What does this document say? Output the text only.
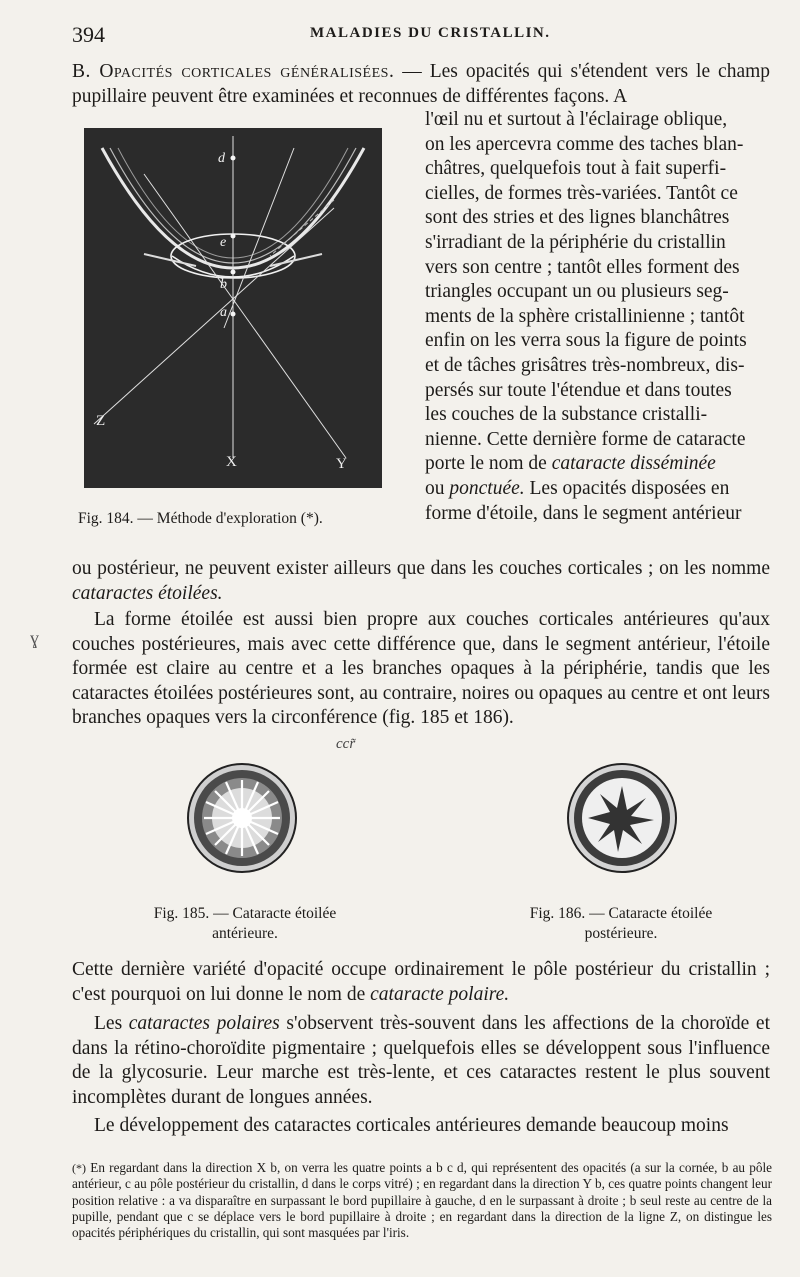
394	MALADIES DU CRISTALLIN.
B. Opacités corticales généralisées. — Les opacités qui s'étendent vers le champ pupillaire peuvent être examinées et reconnues de différentes façons. A
d
e
b
a
Z
X	Y
Fig. 184. — Méthode d'exploration (*).
l'œil nu et surtout à l'éclairage oblique,
on les apercevra comme des taches blan-
châtres, quelquefois tout à fait superfi-
cielles, de formes très-variées. Tantôt ce
sont des stries et des lignes blanchâtres
s'irradiant de la périphérie du cristallin
vers son centre ; tantôt elles forment des
triangles occupant un ou plusieurs seg-
ments de la sphère cristallinienne ; tantôt
enfin on les verra sous la figure de points
et de tâches grisâtres très-nombreux, dis-
persés sur toute l'étendue et dans toutes
les couches de la substance cristalli-
nienne. Cette dernière forme de cataracte
porte le nom de cataracte disséminée
ou ponctuée. Les opacités disposées en
forme d'étoile, dans le segment antérieur
ou postérieur, ne peuvent exister ailleurs que dans les couches corticales ; on les nomme cataractes étoilées.
ɣ
La forme étoilée est aussi bien propre aux couches corticales antérieures qu'aux couches postérieures, mais avec cette différence que, dans le segment antérieur, l'étoile formée est claire au centre et a les branches opaques à la périphérie, tandis que les cataractes étoilées postérieures sont, au contraire, noires ou opaques au centre et ont leurs branches opaques vers la circonférence (fig. 185 et 186).
ccr̃
Fig. 185. — Cataracte étoilée antérieure.
Fig. 186. — Cataracte étoilée postérieure.
Cette dernière variété d'opacité occupe ordinairement le pôle postérieur du cristallin ; c'est pourquoi on lui donne le nom de cataracte polaire.
Les cataractes polaires s'observent très-souvent dans les affections de la choroïde et dans la rétino-choroïdite pigmentaire ; quelquefois elles se développent sous l'influence de la glycosurie. Leur marche est très-lente, et ces cataractes restent le plus souvent incomplètes durant de longues années.
Le développement des cataractes corticales antérieures demande beaucoup moins
(*) En regardant dans la direction X b, on verra les quatre points a b c d, qui représentent des opacités (a sur la cornée, b au pôle antérieur, c au pôle postérieur du cristallin, d dans le corps vitré) ; en regardant dans la direction Y b, ces quatre points changent leur position relative : a va disparaître en surpassant le bord pupillaire à gauche, d en le surpassant à droite ; b seul reste au centre de la pupille, pendant que c se déplace vers le bord pupillaire à droite ; en regardant dans la direction de la ligne Z, on distingue les opacités périphériques du cristallin, qui sont masquées par l'iris.
